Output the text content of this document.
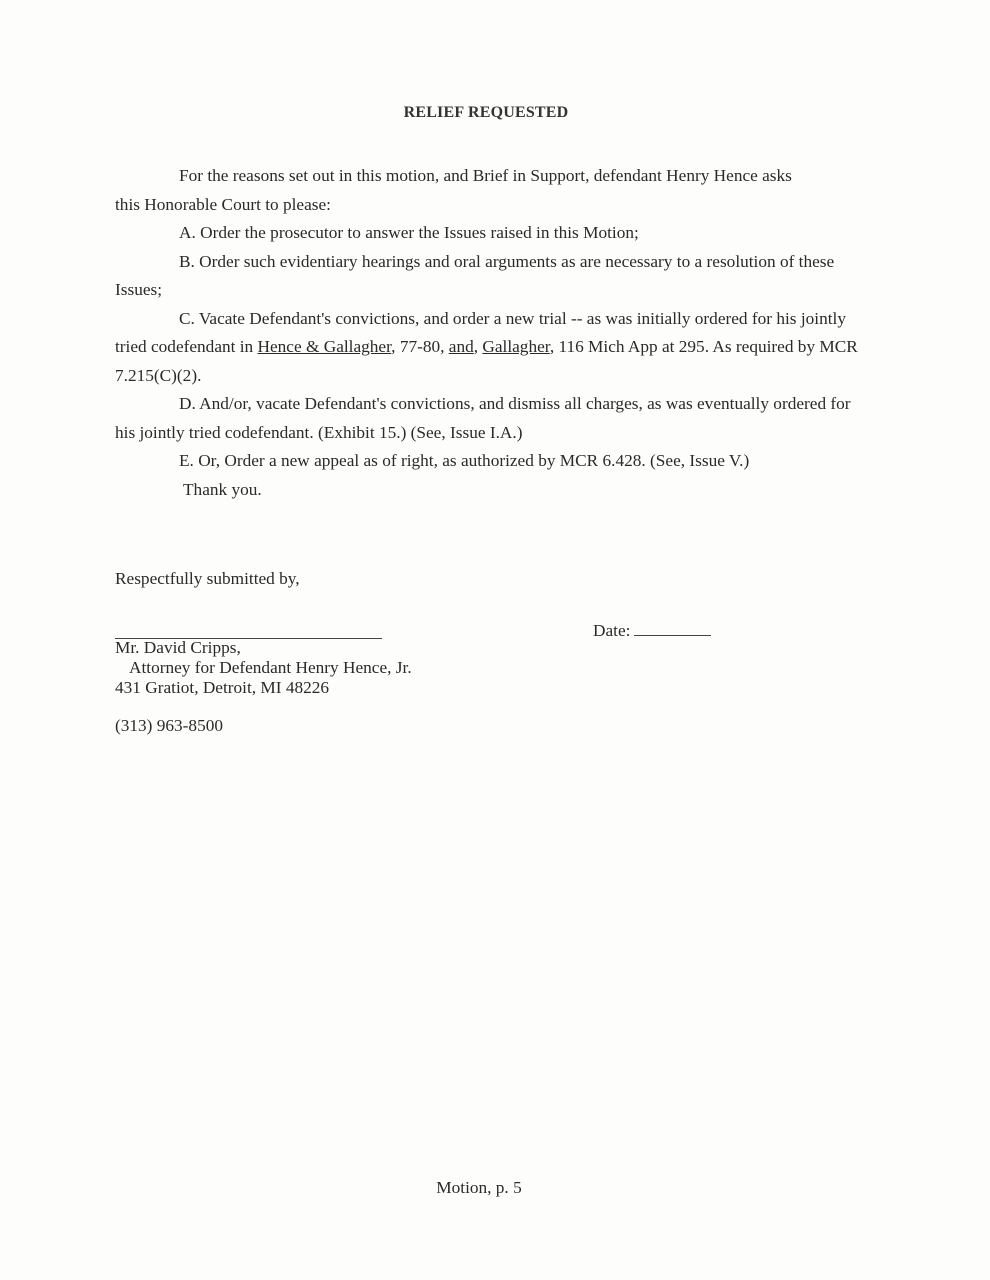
RELIEF REQUESTED

For the reasons set out in this motion, and Brief in Support, defendant Henry Hence asks
this Honorable Court to please:

A. Order the prosecutor to answer the Issues raised in this Motion;

B. Order such evidentiary hearings and oral arguments as are necessary to a resolution of these Issues;

C. Vacate Defendant's convictions, and order a new trial -- as was initially ordered for his jointly tried codefendant in Hence & Gallagher, 77-80, and, Gallagher, 116 Mich App at 295. As required by MCR 7.215(C)(2).

D. And/or, vacate Defendant's convictions, and dismiss all charges, as was eventually ordered for his jointly tried codefendant. (Exhibit 15.) (See, Issue I.A.)

E. Or, Order a new appeal as of right, as authorized by MCR 6.428. (See, Issue V.)

Thank you.

Respectfully submitted by,
Mr. David Cripps,
Attorney for Defendant Henry Hence, Jr.
431 Gratiot, Detroit, MI 48226
Date:
(313) 963-8500
Motion, p. 5
